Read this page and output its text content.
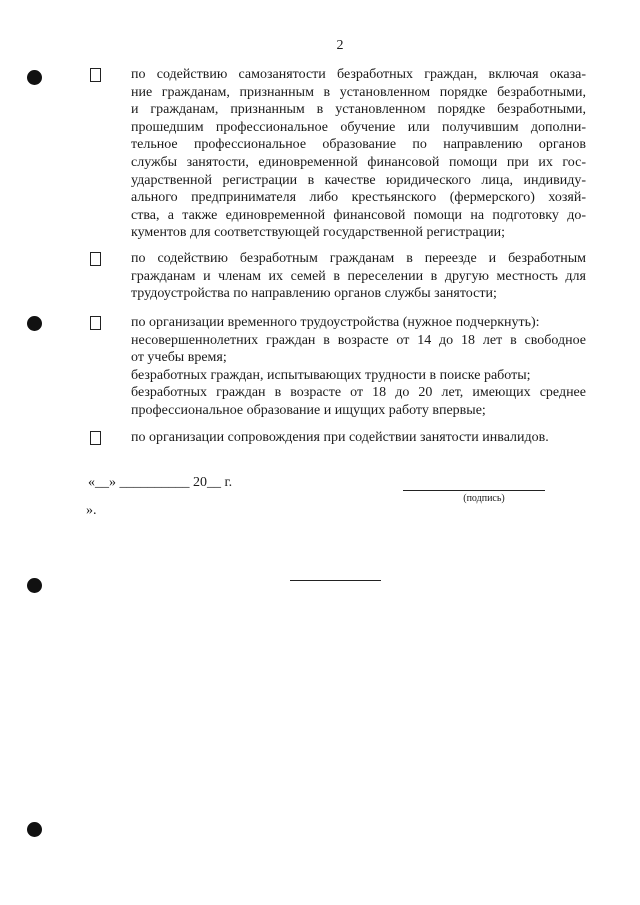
2
по содействию самозанятости безработных граждан, включая оказа-
ние гражданам, признанным в установленном порядке безработными,
и гражданам, признанным в установленном порядке безработными,
прошедшим профессиональное обучение или получившим дополни-
тельное профессиональное образование по направлению органов
службы занятости, единовременной финансовой помощи при их гос-
ударственной регистрации в качестве юридического лица, индивиду-
ального предпринимателя либо крестьянского (фермерского) хозяй-
ства, а также единовременной финансовой помощи на подготовку до-
кументов для соответствующей государственной регистрации;
по содействию безработным гражданам в переезде и безработным
гражданам и членам их семей в переселении в другую местность для
трудоустройства по направлению органов службы занятости;
по организации временного трудоустройства (нужное подчеркнуть):
несовершеннолетних граждан в возрасте от 14 до 18 лет в свободное
от учебы время;
безработных граждан, испытывающих трудности в поиске работы;
безработных граждан в возрасте от 18 до 20 лет, имеющих среднее
профессиональное образование и ищущих работу впервые;
по организации сопровождения при содействии занятости инвалидов.
«__» __________ 20__ г.
(подпись)
».
